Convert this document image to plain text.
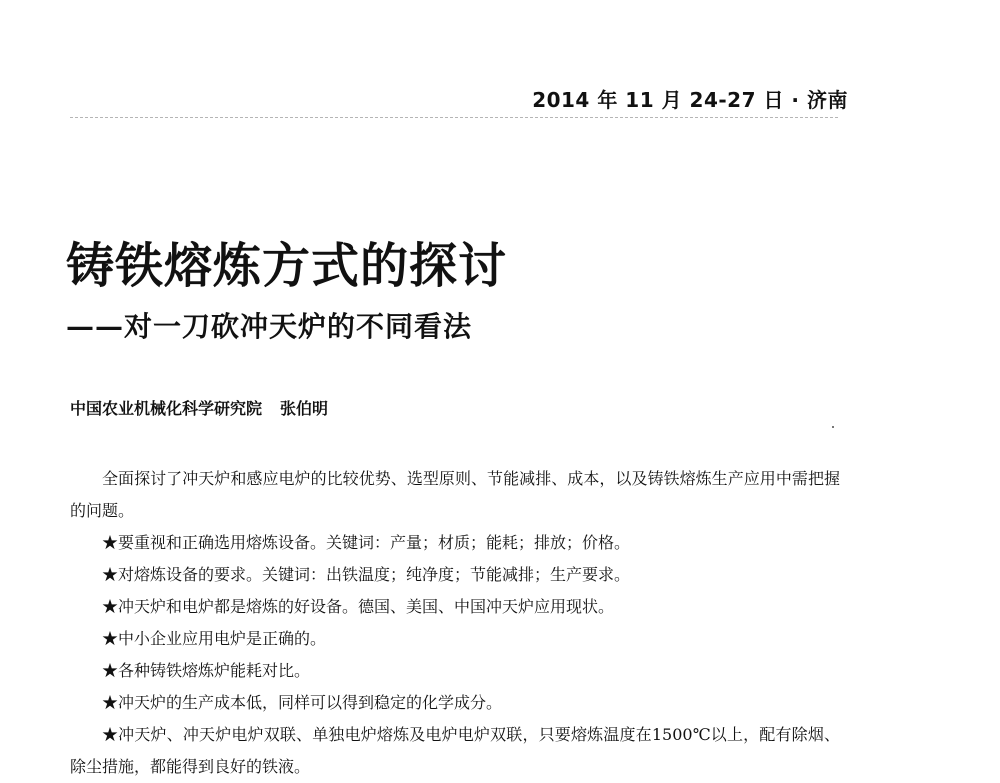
2014 年 11 月 24-27 日 · 济南
铸铁熔炼方式的探讨
——对一刀砍冲天炉的不同看法
中国农业机械化科学研究院 张伯明

全面探讨了冲天炉和感应电炉的比较优势、选型原则、节能减排、成本，以及铸铁熔炼生产应用中需把握的问题。

★要重视和正确选用熔炼设备。关键词：产量；材质；能耗；排放；价格。

★对熔炼设备的要求。关键词：出铁温度；纯净度；节能减排；生产要求。

★冲天炉和电炉都是熔炼的好设备。德国、美国、中国冲天炉应用现状。

★中小企业应用电炉是正确的。

★各种铸铁熔炼炉能耗对比。

★冲天炉的生产成本低，同样可以得到稳定的化学成分。

★冲天炉、冲天炉电炉双联、单独电炉熔炼及电炉电炉双联，只要熔炼温度在1500℃以上，配有除烟、除尘措施，都能得到良好的铁液。
